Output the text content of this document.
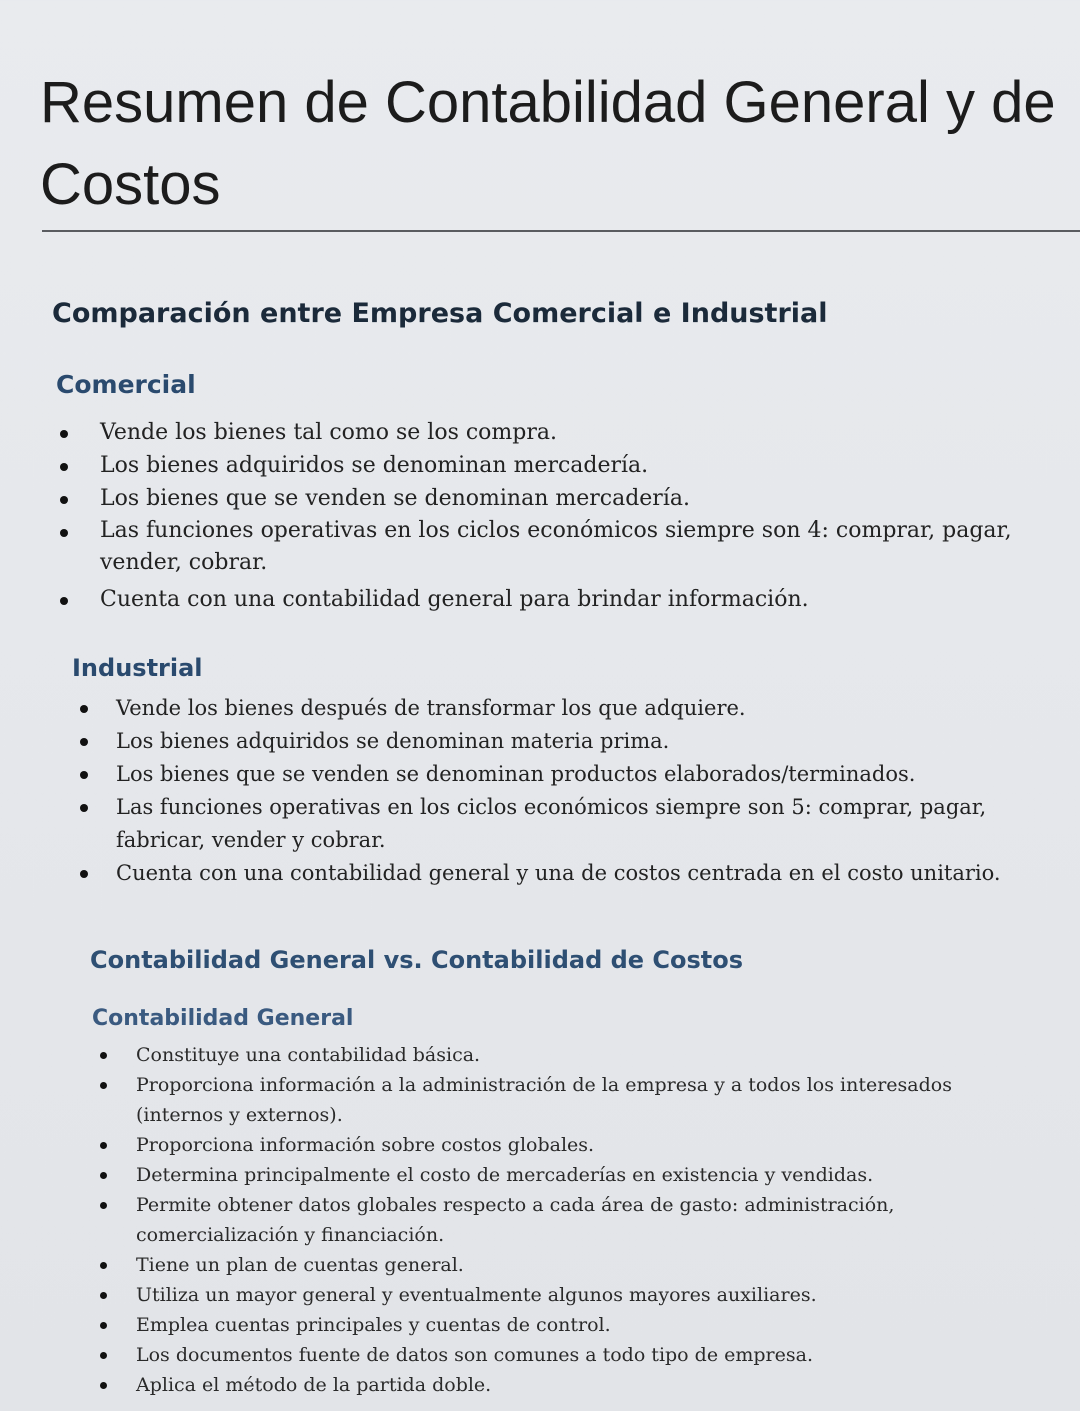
Resumen de Contabilidad General y de
Costos
Comparación entre Empresa Comercial e Industrial
Comercial
Vende los bienes tal como se los compra.
Los bienes adquiridos se denominan mercadería.
Los bienes que se venden se denominan mercadería.
Las funciones operativas en los ciclos económicos siempre son 4: comprar, pagar, vender, cobrar.
Cuenta con una contabilidad general para brindar información.
Industrial
Vende los bienes después de transformar los que adquiere.
Los bienes adquiridos se denominan materia prima.
Los bienes que se venden se denominan productos elaborados/terminados.
Las funciones operativas en los ciclos económicos siempre son 5: comprar, pagar, fabricar, vender y cobrar.
Cuenta con una contabilidad general y una de costos centrada en el costo unitario.
Contabilidad General vs. Contabilidad de Costos
Contabilidad General
Constituye una contabilidad básica.
Proporciona información a la administración de la empresa y a todos los interesados (internos y externos).
Proporciona información sobre costos globales.
Determina principalmente el costo de mercaderías en existencia y vendidas.
Permite obtener datos globales respecto a cada área de gasto: administración, comercialización y financiación.
Tiene un plan de cuentas general.
Utiliza un mayor general y eventualmente algunos mayores auxiliares.
Emplea cuentas principales y cuentas de control.
Los documentos fuente de datos son comunes a todo tipo de empresa.
Aplica el método de la partida doble.
